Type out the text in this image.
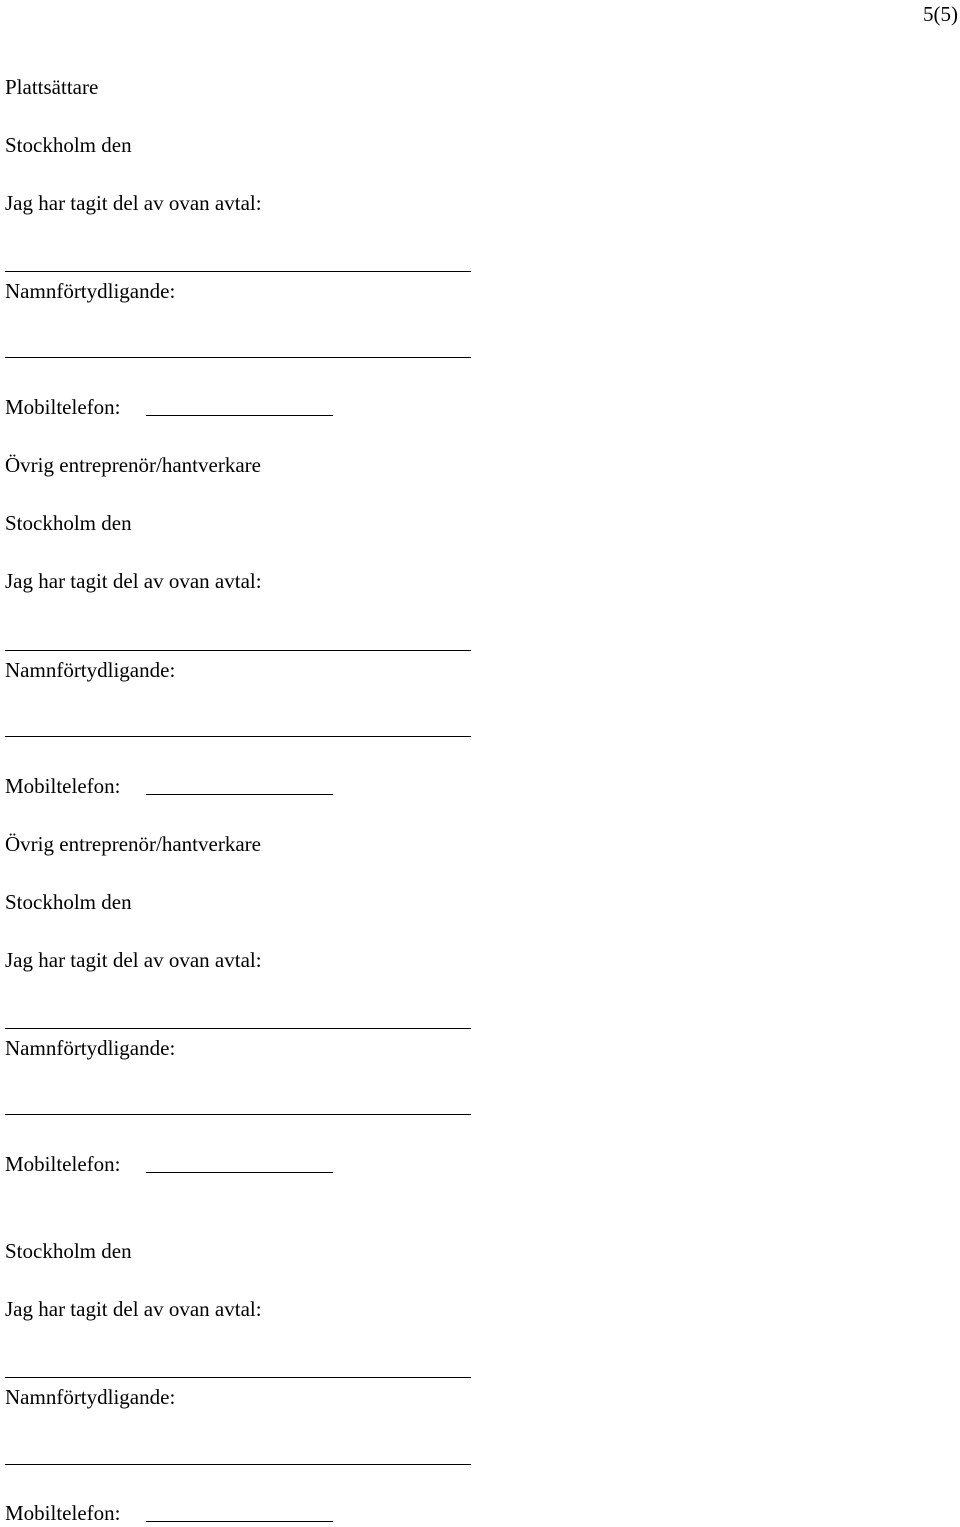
5(5)
Plattsättare
Stockholm den
Jag har tagit del av ovan avtal:
Namnförtydligande:
Mobiltelefon:
Övrig entreprenör/hantverkare
Stockholm den
Jag har tagit del av ovan avtal:
Namnförtydligande:
Mobiltelefon:
Övrig entreprenör/hantverkare
Stockholm den
Jag har tagit del av ovan avtal:
Namnförtydligande:
Mobiltelefon:
Stockholm den
Jag har tagit del av ovan avtal:
Namnförtydligande:
Mobiltelefon:
